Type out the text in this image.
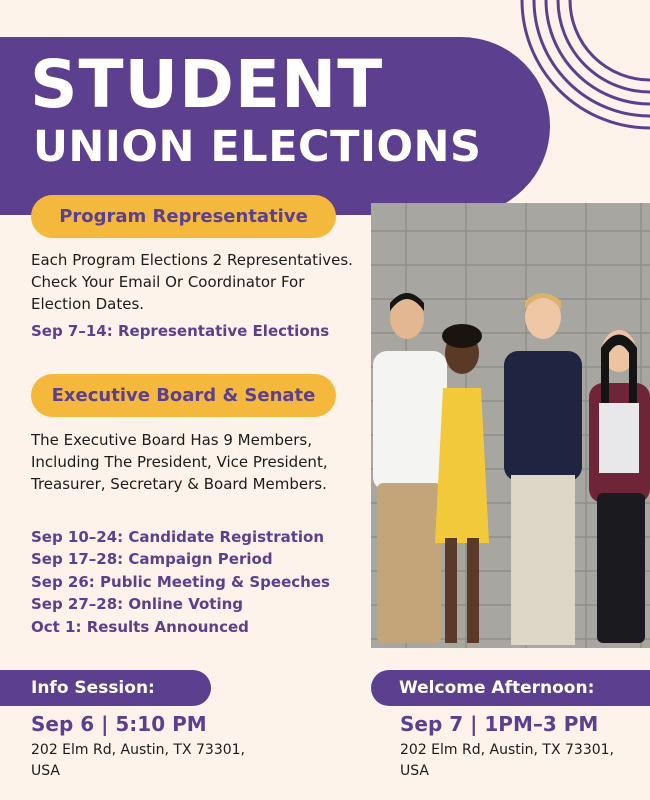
STUDENT
UNION ELECTIONS
Program Representative
Each Program Elections 2 Representatives. Check Your Email Or Coordinator For Election Dates.
Sep 7–14: Representative Elections
Executive Board & Senate
The Executive Board Has 9 Members, Including The President, Vice President, Treasurer, Secretary & Board Members.
Sep 10–24: Candidate Registration
Sep 17–28: Campaign Period
Sep 26: Public Meeting & Speeches
Sep 27–28: Online Voting
Oct 1: Results Announced
Info Session:
Sep 6 | 5:10 PM
202 Elm Rd, Austin, TX 73301, USA
Welcome Afternoon:
Sep 7 | 1PM–3 PM
202 Elm Rd, Austin, TX 73301, USA
